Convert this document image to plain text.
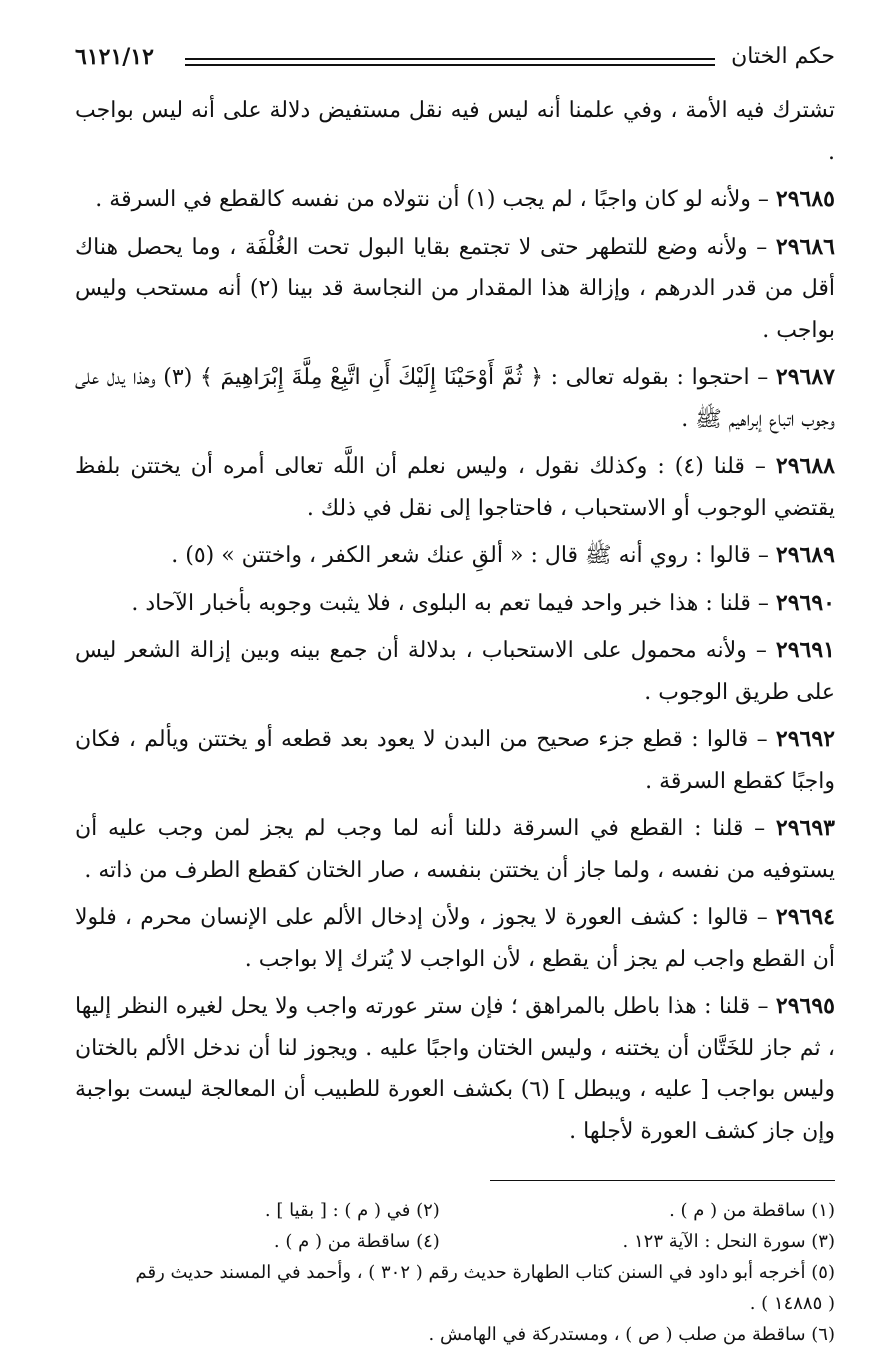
حكم الختان
٦١٢١/١٢

تشترك فيه الأمة ، وفي علمنا أنه ليس فيه نقل مستفيض دلالة على أنه ليس بواجب .

٢٩٦٨٥ – ولأنه لو كان واجبًا ، لم يجب (١) أن نتولاه من نفسه كالقطع في السرقة .

٢٩٦٨٦ – ولأنه وضع للتطهر حتى لا تجتمع بقايا البول تحت الغُلْفَة ، وما يحصل هناك أقل من قدر الدرهم ، وإزالة هذا المقدار من النجاسة قد بينا (٢) أنه مستحب وليس بواجب .

٢٩٦٨٧ – احتجوا : بقوله تعالى : ﴿ ثُمَّ أَوْحَيْنَا إِلَيْكَ أَنِ اتَّبِعْ مِلَّةَ إِبْرَاهِيمَ ﴾ (٣) وهذا يدل على وجوب اتباع إبراهيم ﷺ .

٢٩٦٨٨ – قلنا (٤) : وكذلك نقول ، وليس نعلم أن اللَّه تعالى أمره أن يختتن بلفظ يقتضي الوجوب أو الاستحباب ، فاحتاجوا إلى نقل في ذلك .

٢٩٦٨٩ – قالوا : روي أنه ﷺ قال : « ألقِ عنك شعر الكفر ، واختتن » (٥) .

٢٩٦٩٠ – قلنا : هذا خبر واحد فيما تعم به البلوى ، فلا يثبت وجوبه بأخبار الآحاد .

٢٩٦٩١ – ولأنه محمول على الاستحباب ، بدلالة أن جمع بينه وبين إزالة الشعر ليس على طريق الوجوب .

٢٩٦٩٢ – قالوا : قطع جزء صحيح من البدن لا يعود بعد قطعه أو يختتن ويألم ، فكان واجبًا كقطع السرقة .

٢٩٦٩٣ – قلنا : القطع في السرقة دللنا أنه لما وجب لم يجز لمن وجب عليه أن يستوفيه من نفسه ، ولما جاز أن يختتن بنفسه ، صار الختان كقطع الطرف من ذاته .

٢٩٦٩٤ – قالوا : كشف العورة لا يجوز ، ولأن إدخال الألم على الإنسان محرم ، فلولا أن القطع واجب لم يجز أن يقطع ، لأن الواجب لا يُترك إلا بواجب .

٢٩٦٩٥ – قلنا : هذا باطل بالمراهق ؛ فإن ستر عورته واجب ولا يحل لغيره النظر إليها ، ثم جاز للخَتَّان أن يختنه ، وليس الختان واجبًا عليه . ويجوز لنا أن ندخل الألم بالختان وليس بواجب [ عليه ، ويبطل ] (٦) بكشف العورة للطبيب أن المعالجة ليست بواجبة وإن جاز كشف العورة لأجلها .

(١) ساقطة من ( م ) .
(٢) في ( م ) : [ بقيا ] .
(٣) سورة النحل : الآية ١٢٣ .
(٤) ساقطة من ( م ) .
(٥) أخرجه أبو داود في السنن كتاب الطهارة حديث رقم ( ٣٠٢ ) ، وأحمد في المسند حديث رقم
( ١٤٨٨٥ ) .
(٦) ساقطة من صلب ( ص ) ، ومستدركة في الهامش .
